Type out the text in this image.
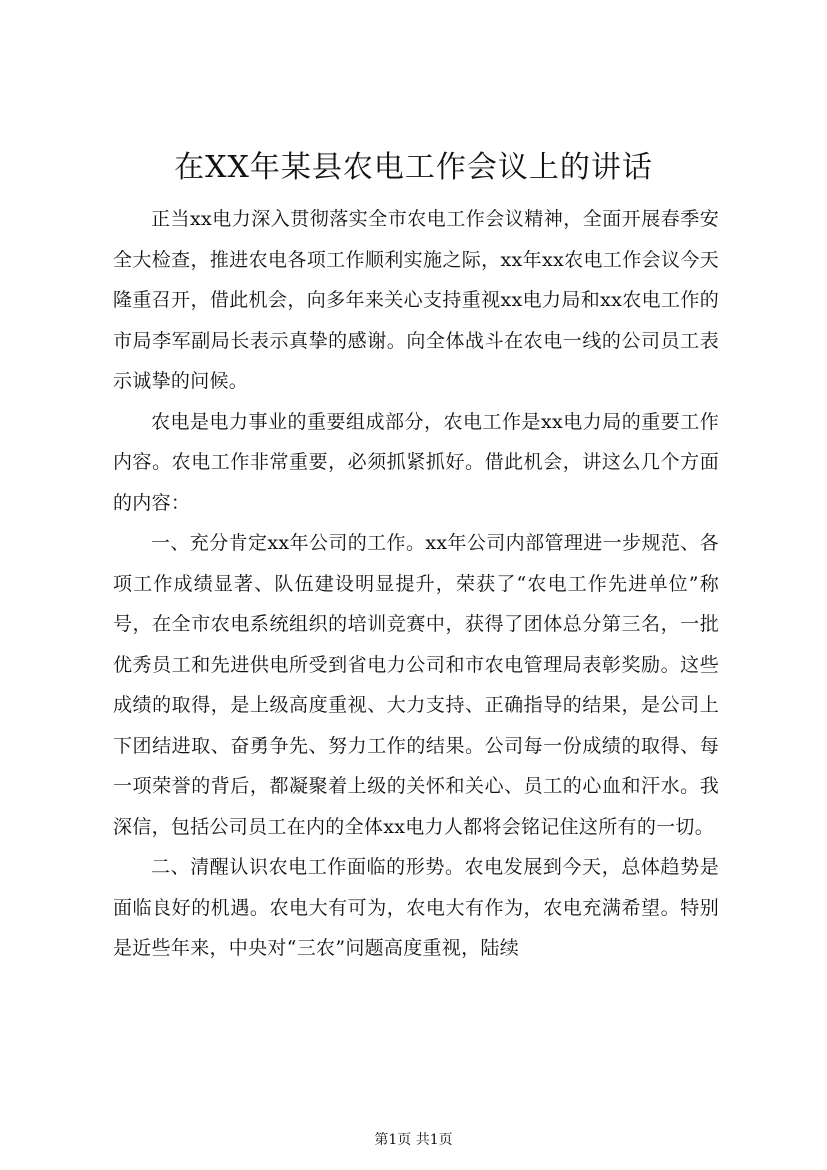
在XX年某县农电工作会议上的讲话

正当xx电力深入贯彻落实全市农电工作会议精神，全面开展春季安全大检查，推进农电各项工作顺利实施之际，xx年xx农电工作会议今天隆重召开，借此机会，向多年来关心支持重视xx电力局和xx农电工作的市局李军副局长表示真挚的感谢。向全体战斗在农电一线的公司员工表示诚挚的问候。

农电是电力事业的重要组成部分，农电工作是xx电力局的重要工作内容。农电工作非常重要，必须抓紧抓好。借此机会，讲这么几个方面的内容：

一、充分肯定xx年公司的工作。xx年公司内部管理进一步规范、各项工作成绩显著、队伍建设明显提升，荣获了“农电工作先进单位”称号，在全市农电系统组织的培训竞赛中，获得了团体总分第三名，一批优秀员工和先进供电所受到省电力公司和市农电管理局表彰奖励。这些成绩的取得，是上级高度重视、大力支持、正确指导的结果，是公司上下团结进取、奋勇争先、努力工作的结果。公司每一份成绩的取得、每一项荣誉的背后，都凝聚着上级的关怀和关心、员工的心血和汗水。我深信，包括公司员工在内的全体xx电力人都将会铭记住这所有的一切。

二、清醒认识农电工作面临的形势。农电发展到今天，总体趋势是面临良好的机遇。农电大有可为，农电大有作为，农电充满希望。特别是近些年来，中央对“三农”问题高度重视，陆续

第1页 共1页
